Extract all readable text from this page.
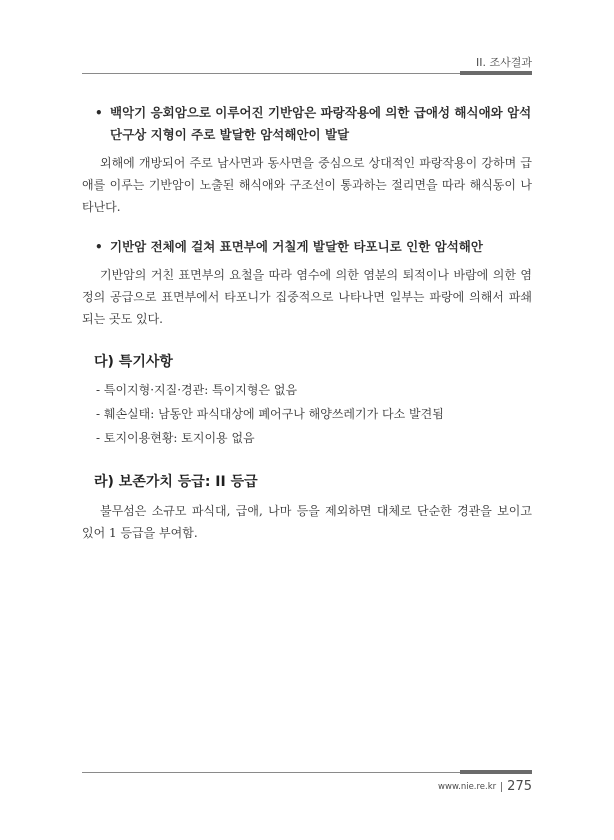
II. 조사결과
• 백악기 응회암으로 이루어진 기반암은 파랑작용에 의한 급애성 해식애와 암석단구상 지형이 주로 발달한 암석해안이 발달

외해에 개방되어 주로 남사면과 동사면을 중심으로 상대적인 파랑작용이 강하며 급애를 이루는 기반암이 노출된 해식애와 구조선이 통과하는 절리면을 따라 해식동이 나타난다.

• 기반암 전체에 걸쳐 표면부에 거칠게 발달한 타포니로 인한 암석해안

기반암의 거친 표면부의 요철을 따라 염수에 의한 염분의 퇴적이나 바람에 의한 염정의 공급으로 표면부에서 타포니가 집중적으로 나타나면 일부는 파랑에 의해서 파쇄되는 곳도 있다.

다) 특기사항
- 특이지형·지질·경관: 특이지형은 없음
- 훼손실태: 남동안 파식대상에 폐어구나 해양쓰레기가 다소 발견됨
- 토지이용현황: 토지이용 없음
라) 보존가치 등급: II 등급

불무섬은 소규모 파식대, 급애, 나마 등을 제외하면 대체로 단순한 경관을 보이고 있어 1 등급을 부여함.

www.nie.re.kr 275
